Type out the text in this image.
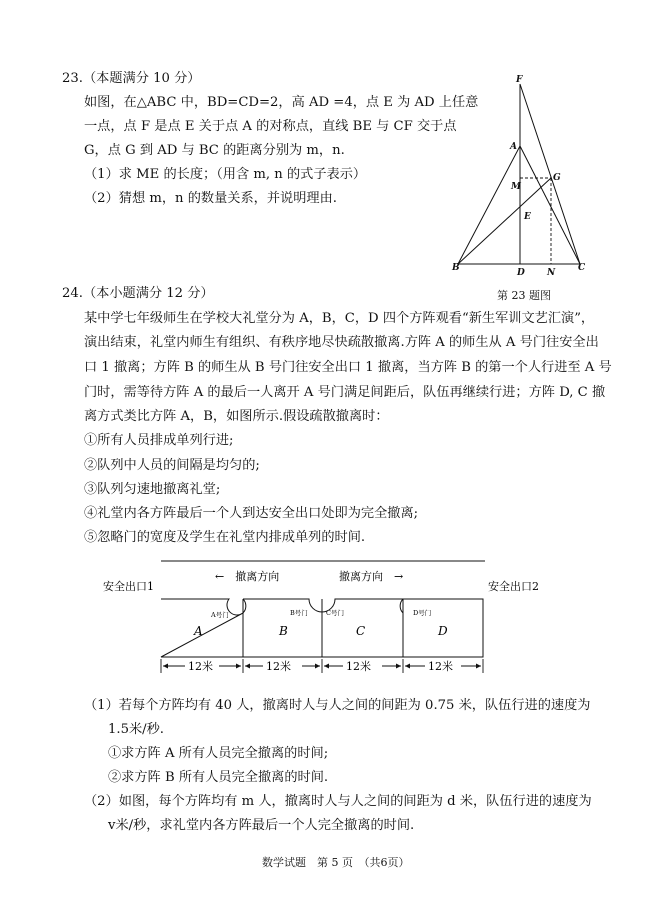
23.（本题满分 10 分）
如图，在△ABC 中，BD=CD=2，高 AD =4，点 E 为 AD 上任意
一点，点 F 是点 E 关于点 A 的对称点，直线 BE 与 CF 交于点
G，点 G 到 AD 与 BC 的距离分别为 m，n.
（1）求 ME 的长度；（用含 m, n 的式子表示）
（2）猜想 m，n 的数量关系，并说明理由.
F
A
M
G
E
B	D N	C
第 23 题图
24.（本小题满分 12 分）
某中学七年级师生在学校大礼堂分为 A，B，C，D 四个方阵观看“新生军训文艺汇演”，
演出结束，礼堂内师生有组织、有秩序地尽快疏散撤离.方阵 A 的师生从 A 号门往安全出
口 1 撤离；方阵 B 的师生从 B 号门往安全出口 1 撤离，当方阵 B 的第一个人行进至 A 号
门时，需等待方阵 A 的最后一人离开 A 号门满足间距后，队伍再继续行进；方阵 D, C 撤
离方式类比方阵 A，B，如图所示.假设疏散撤离时：
①所有人员排成单列行进;
②队列中人员的间隔是均匀的;
③队列匀速地撤离礼堂;
④礼堂内各方阵最后一个人到达安全出口处即为完全撤离;
⑤忽略门的宽度及学生在礼堂内排成单列的时间.
安全出口1	安全出口2
←　撤离方向	撤离方向　→
A号门	B号门	C号门	D号门
A	B	C	D
12米	12米	12米	12米
（1）若每个方阵均有 40 人，撤离时人与人之间的间距为 0.75 米，队伍行进的速度为
1.5米/秒.
①求方阵 A 所有人员完全撤离的时间;
②求方阵 B 所有人员完全撤离的时间.
（2）如图，每个方阵均有 m 人，撤离时人与人之间的间距为 d 米，队伍行进的速度为
v米/秒，求礼堂内各方阵最后一个人完全撤离的时间.
数学试题　第 5 页　（共6页）
